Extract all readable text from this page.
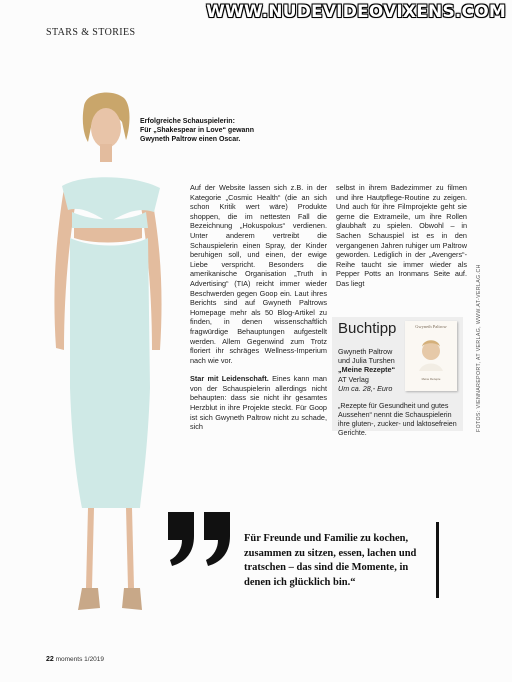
WWW.NUDEVIDEOVIXENS.COM
STARS & STORIES
Erfolgreiche Schauspielerin:
Für „Shakespear in Love“ gewann
Gwyneth Paltrow einen Oscar.

Auf der Website lassen sich z.B. in der Kategorie „Cosmic Health“ (die an sich schon Kritik wert wäre) Produkte shoppen, die im nettesten Fall die Bezeichnung „Hokuspokus“ verdienen. Unter anderem vertreibt die Schauspielerin einen Spray, der Kinder beruhigen soll, und einen, der ewige Liebe verspricht. Besonders die amerikanische Organisation „Truth in Advertising“ (TIA) reicht immer wieder Beschwerden gegen Goop ein. Laut ihres Berichts sind auf Gwyneth Paltrows Homepage mehr als 50 Blog-Artikel zu finden, in denen wissenschaftlich fragwürdige Behauptungen aufgestellt werden. Allem Gegenwind zum Trotz floriert ihr schräges Wellness-Imperium nach wie vor.

Star mit Leidenschaft. Eines kann man von der Schauspielerin allerdings nicht behaupten: dass sie nicht ihr gesamtes Herzblut in ihre Projekte steckt. Für Goop ist sich Gwyneth Paltrow nicht zu schade, sich

selbst in ihrem Badezimmer zu filmen und ihre Hautpflege-Routine zu zeigen. Und auch für ihre Filmprojekte geht sie gerne die Extrameile, um ihre Rollen glaubhaft zu spielen. Obwohl – in Sachen Schauspiel ist es in den vergangenen Jahren ruhiger um Paltrow geworden. Lediglich in der „Avengers“-Reihe taucht sie immer wieder als Pepper Potts an Ironmans Seite auf. Das liegt

Buchtipp	Gwyneth Paltrow
Meine Rezepte
Gwyneth Paltrow und Julia Turshen
„Meine Rezepte“
AT Verlag
Um ca. 28,- Euro
„Rezepte für Gesundheit und gutes Aussehen“ nennt die Schauspielerin ihre gluten-, zucker- und laktosefreien Gerichte.
FOTOS: VIENNAREPORT, AT VERLAG, WWW.AT-VERLAG.CH
Für Freunde und Familie zu kochen, zusammen zu sitzen, essen, lachen und tratschen – das sind die Momente, in denen ich glücklich bin.“
22 moments 1/2019
